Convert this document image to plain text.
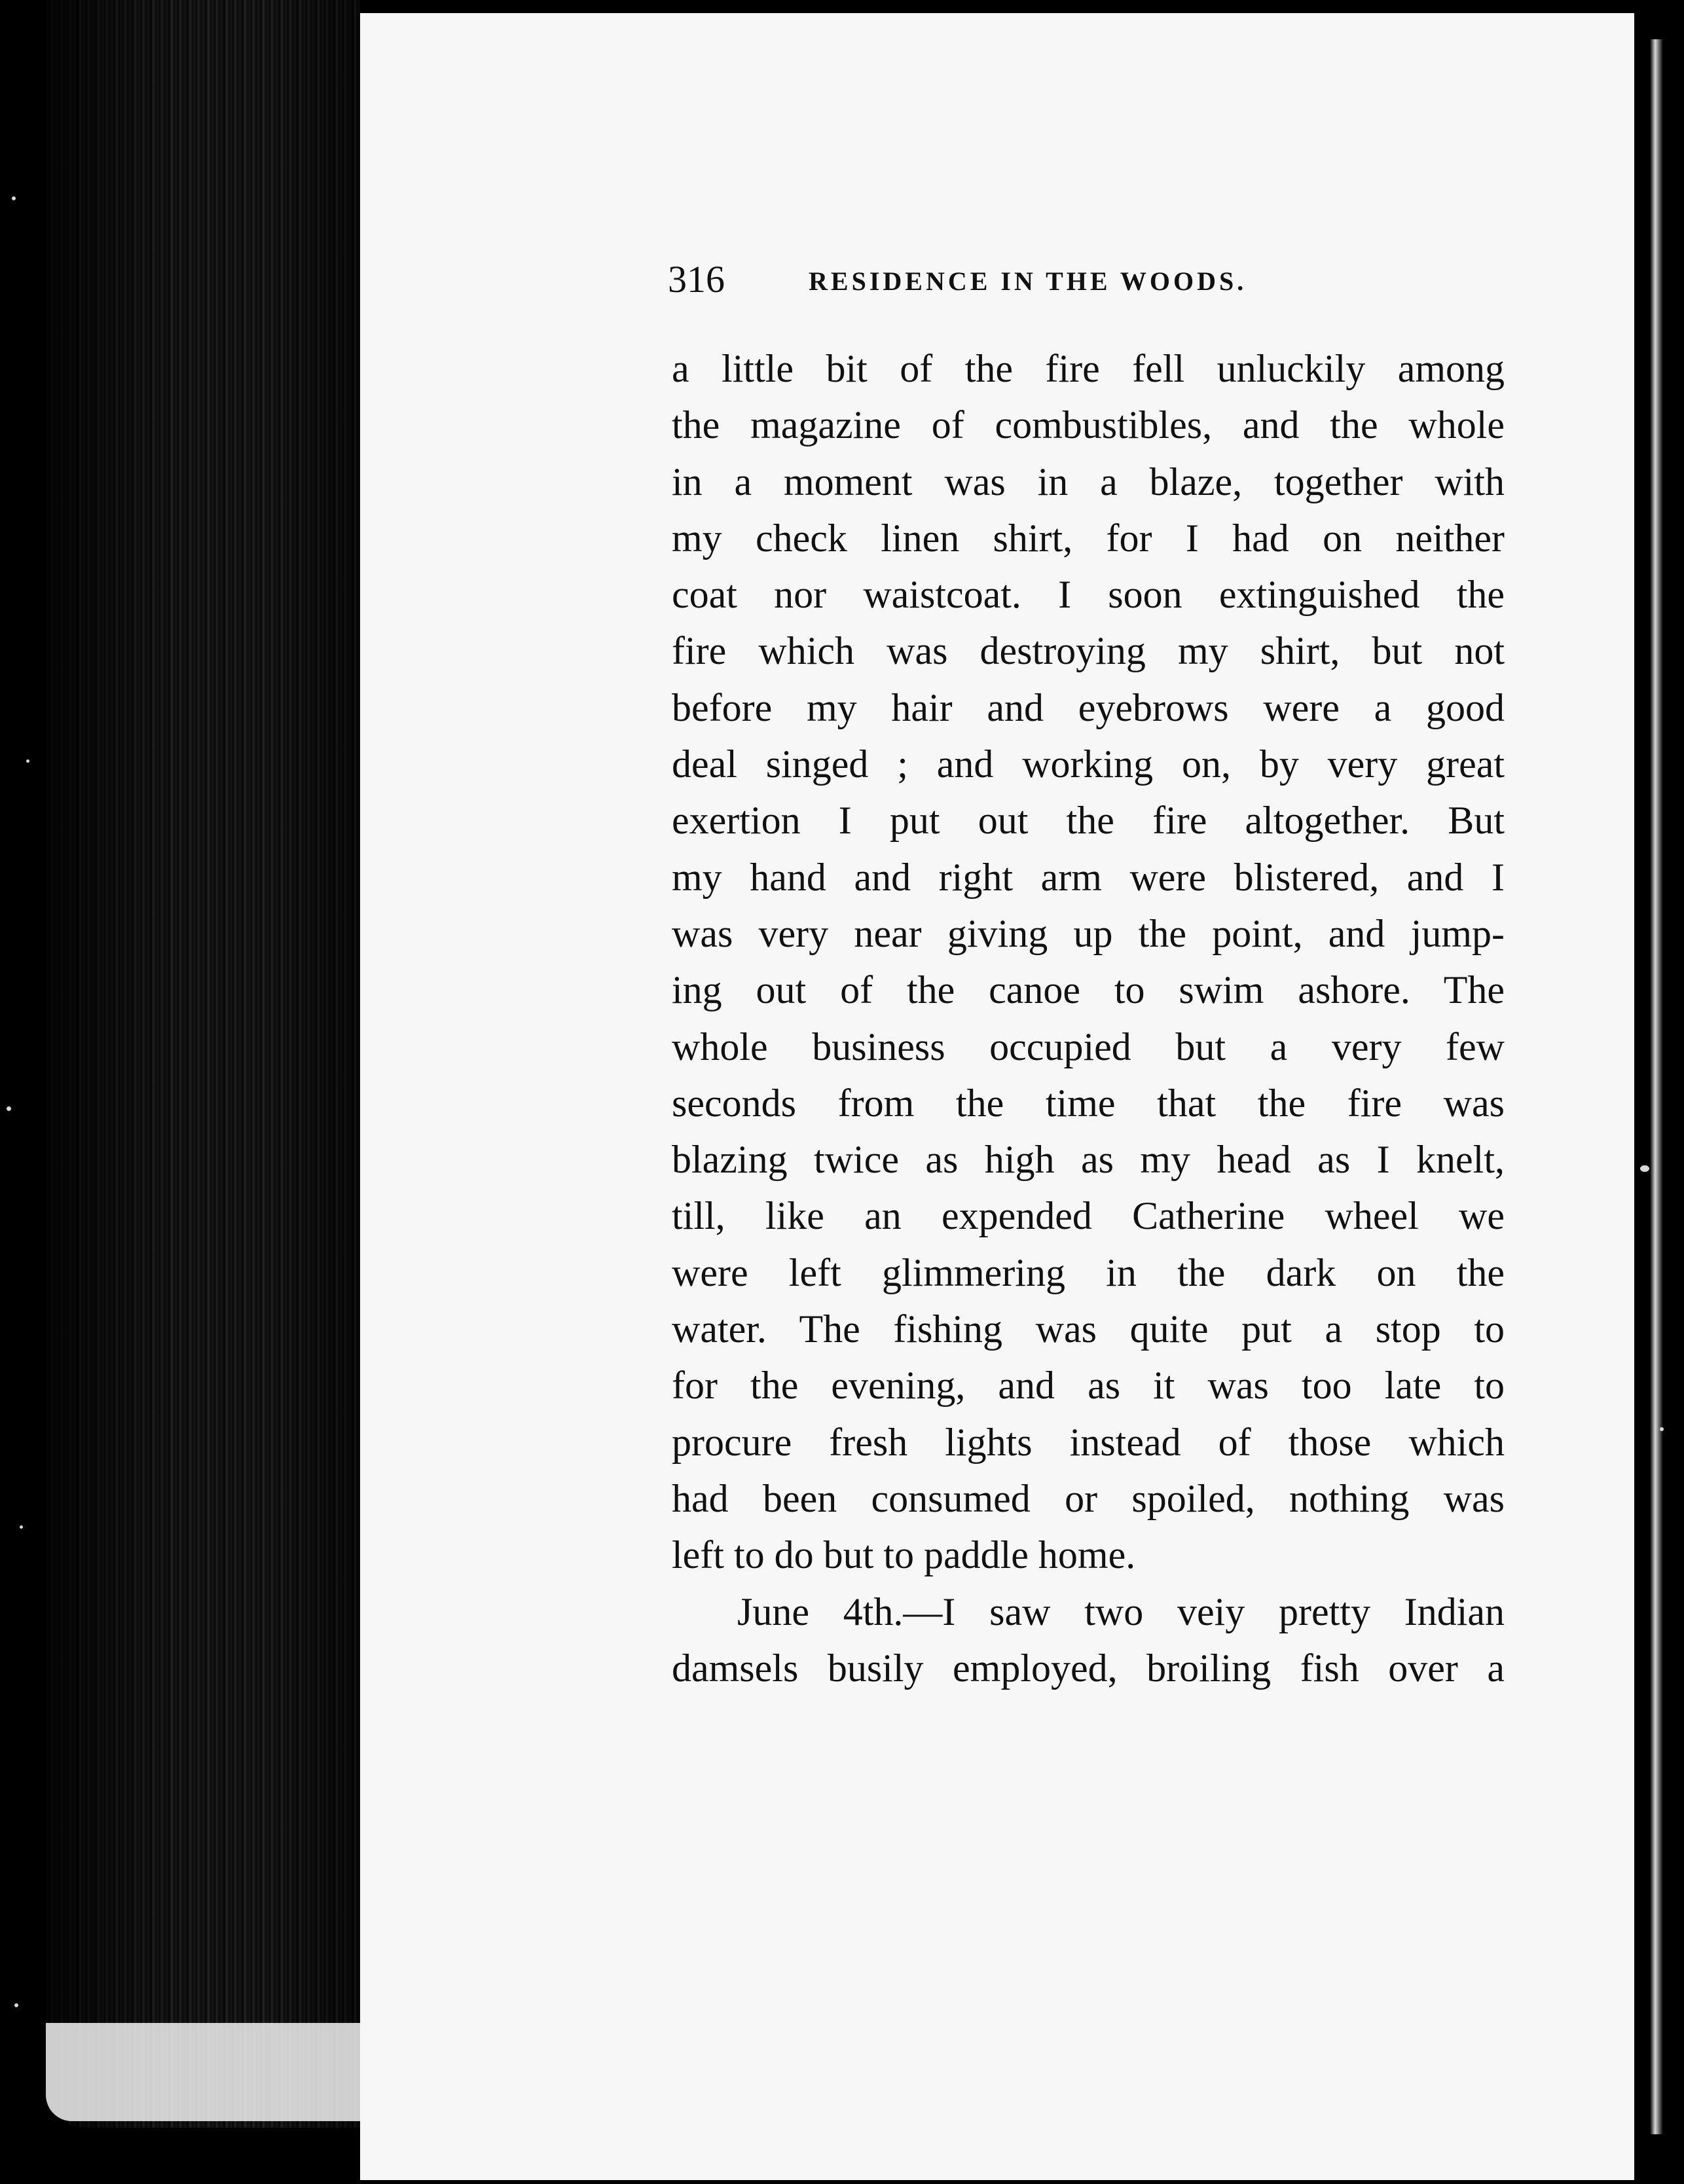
316	RESIDENCE IN THE WOODS.
a little bit of the fire fell unluckily among
the magazine of combustibles, and the whole
in a moment was in a blaze, together with
my check linen shirt, for I had on neither
coat nor waistcoat. I soon extinguished the
fire which was destroying my shirt, but not
before my hair and eyebrows were a good
deal singed ; and working on, by very great
exertion I put out the fire altogether. But
my hand and right arm were blistered, and I
was very near giving up the point, and jump-
ing out of the canoe to swim ashore. The
whole business occupied but a very few
seconds from the time that the fire was
blazing twice as high as my head as I knelt,
till, like an expended Catherine wheel we
were left glimmering in the dark on the
water. The fishing was quite put a stop to
for the evening, and as it was too late to
procure fresh lights instead of those which
had been consumed or spoiled, nothing was
left to do but to paddle home.
June 4th.—I saw two veiy pretty Indian
damsels busily employed, broiling fish over a
